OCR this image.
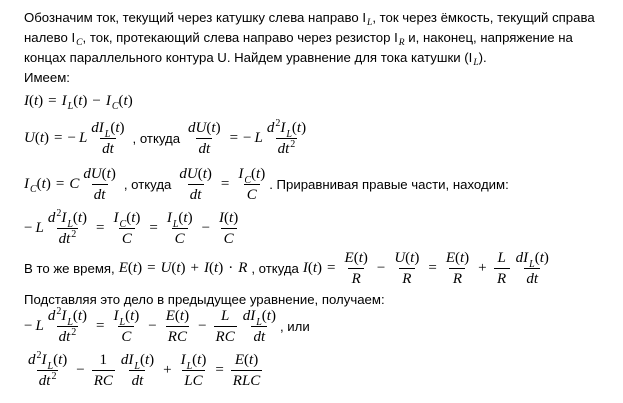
Обозначим ток, текущий через катушку слева направо $I_L$, ток через ёмкость, текущий справа налево $I_C$, ток, протекающий слева направо через резистор $I_R$ и, наконец, напряжение на концах параллельного контура U. Найдем уравнение для тока катушки $(I_L)$.
Имеем:

I ( t ) = I L ( t ) − I C ( t )
U ( t ) = − L $\frac{dI_L(t)}{dt}$ , откуда $\frac{dU(t)}{dt}$ = − L $\frac{d^2I_L(t)}{dt^2}$
I C ( t ) = C $\frac{dU(t)}{dt}$ , откуда $\frac{dU(t)}{dt} = \frac{I_C(t)}{C}$ . Приравнивая правые части, находим:
− L $\frac{d^2I_L(t)}{dt^2} = \frac{I_C(t)}{C} = \frac{I_L(t)}{C} - \frac{I(t)}{C}$
В то же время, E ( t ) = U ( t ) + I ( t ) · R , откуда I ( t ) = $\frac{E(t)}{R} - \frac{U(t)}{R} = \frac{E(t)}{R} + \frac{L}{R} \frac{dI_L(t)}{dt}$

Подставляя это дело в предыдущее уравнение, получаем:

− L $\frac{d^2I_L(t)}{dt^2} = \frac{I_L(t)}{C} - \frac{E(t)}{RC} - \frac{L}{RC} \frac{dI_L(t)}{dt}$ , или
$\frac{d^2I_L(t)}{dt^2} - \frac{1}{RC} \frac{dI_L(t)}{dt} + \frac{I_L(t)}{LC} = \frac{E(t)}{\text{RLC}}$
